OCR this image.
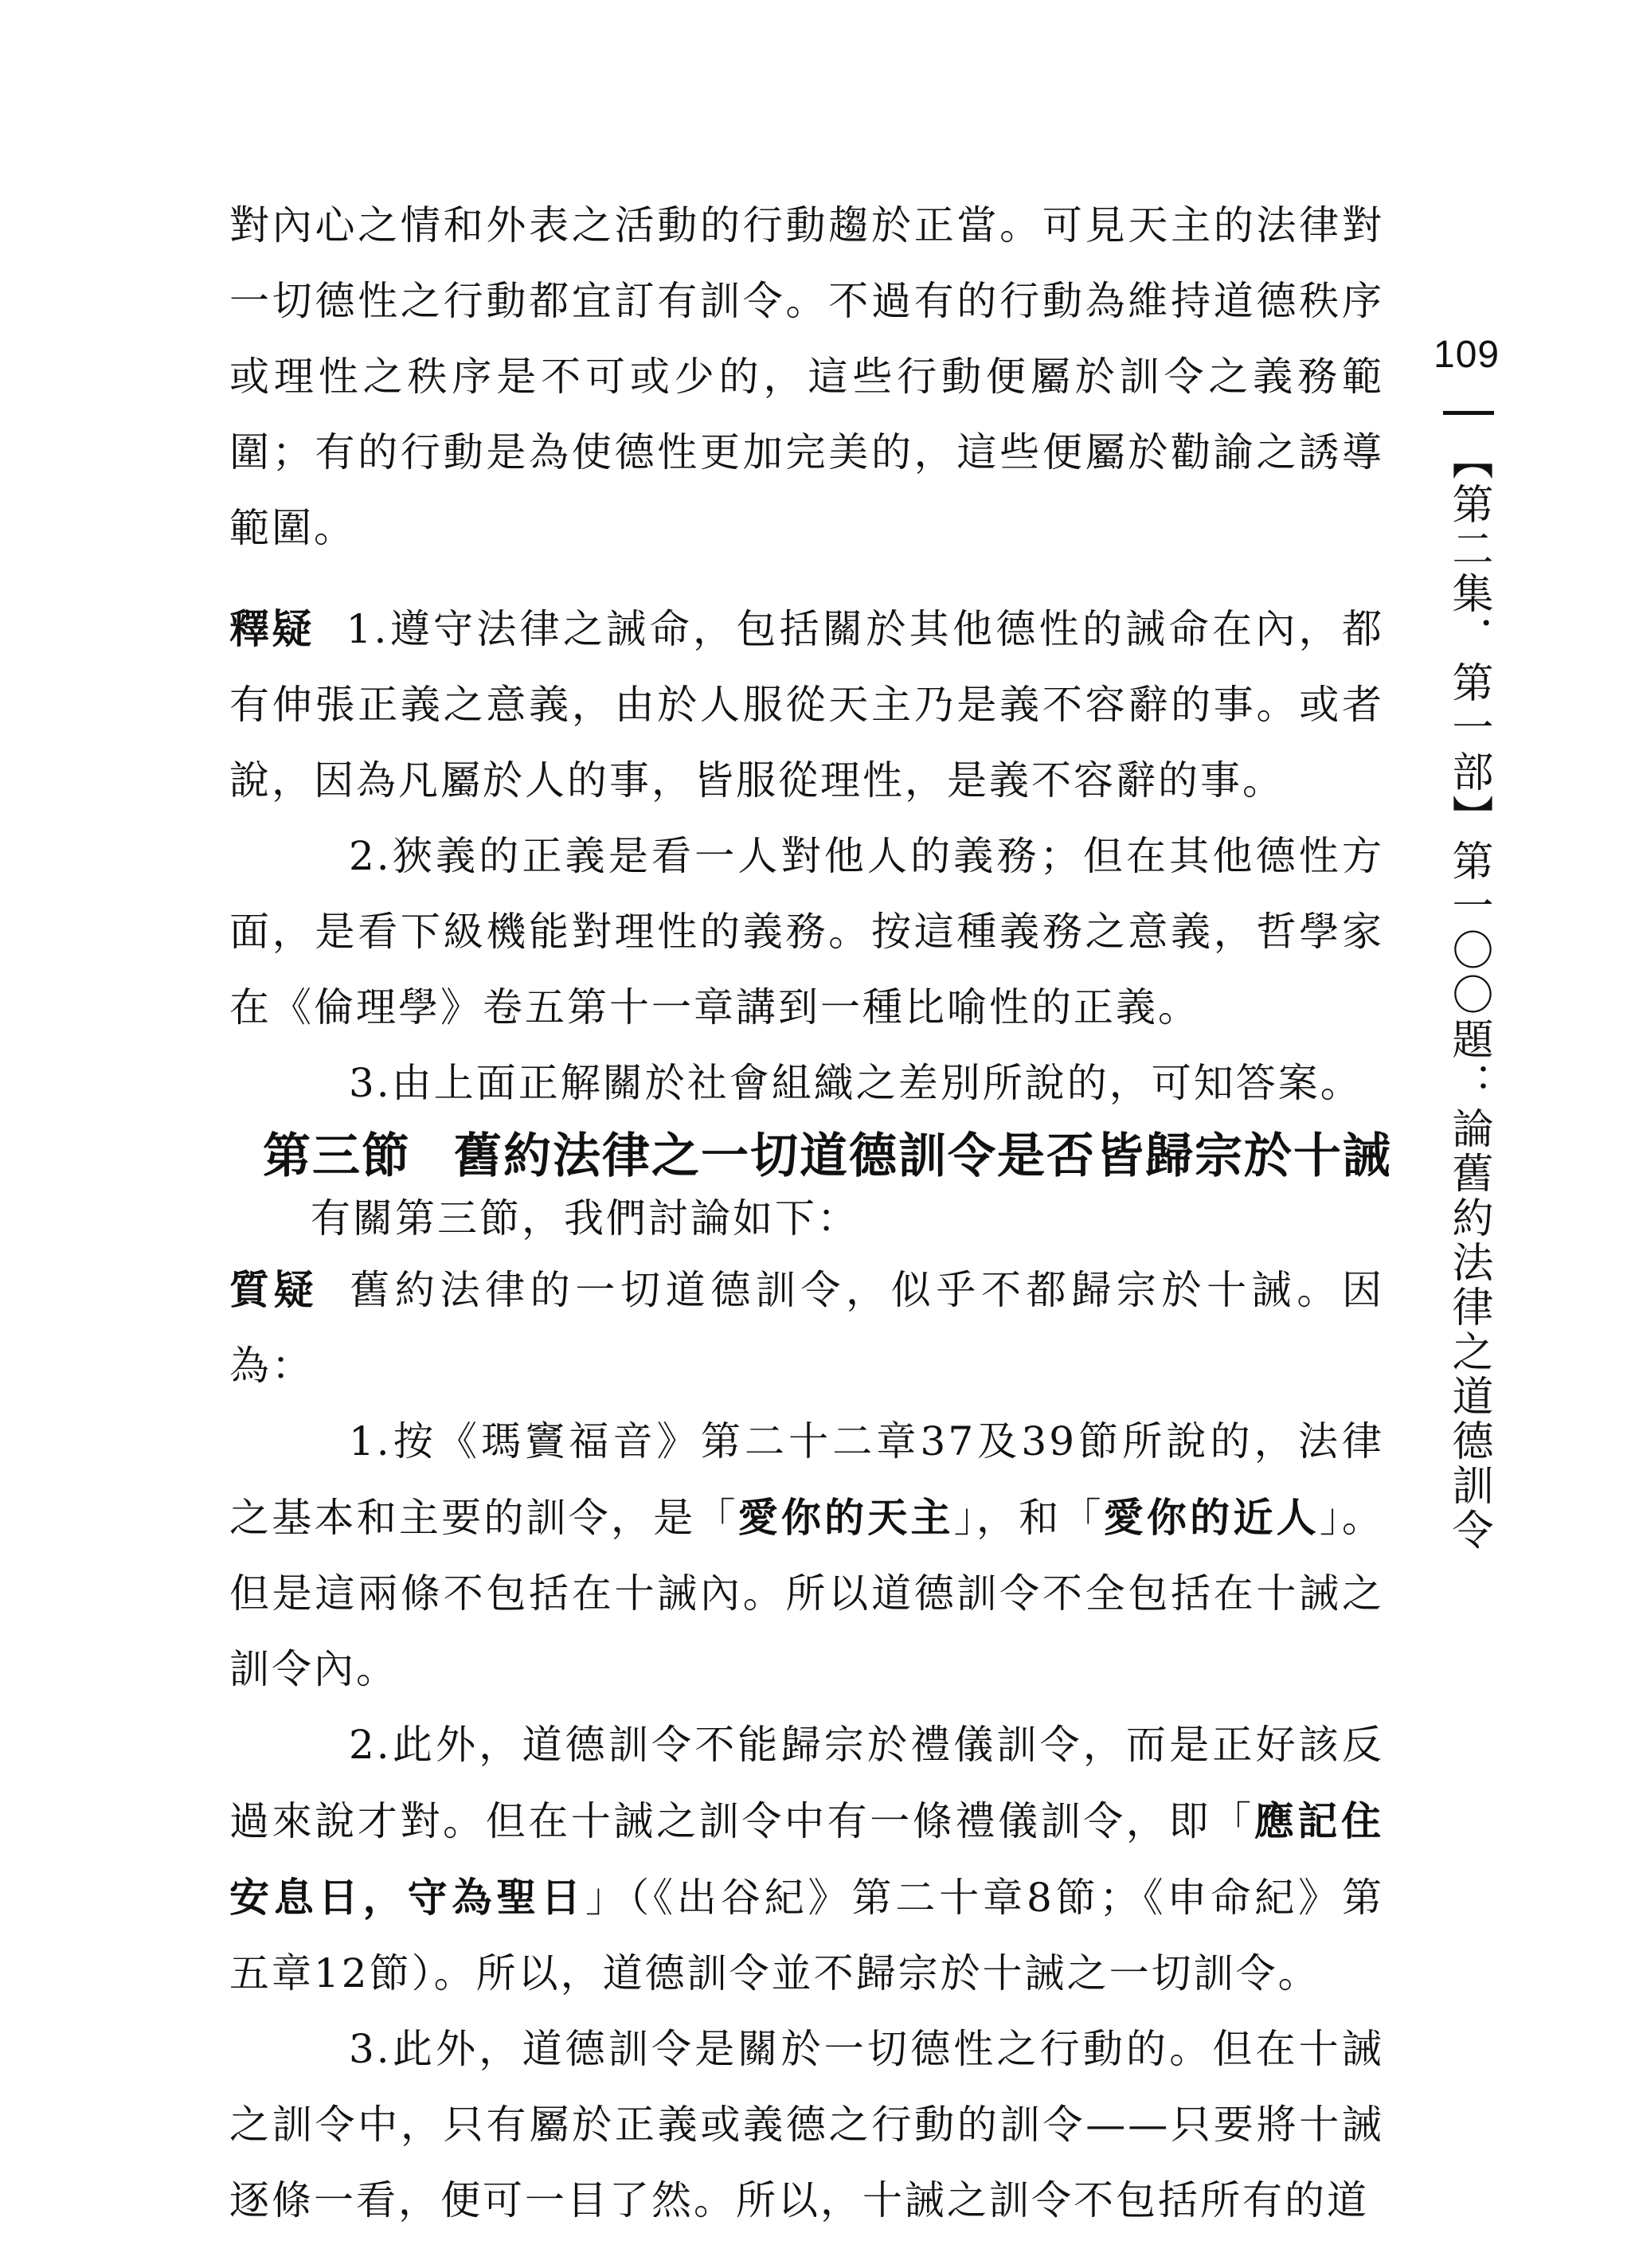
對內心之情和外表之活動的行動趨於正當。可見天主的法律對一切德性之行動都宜訂有訓令。不過有的行動為維持道德秩序或理性之秩序是不可或少的，這些行動便屬於訓令之義務範圍；有的行動是為使德性更加完美的，這些便屬於勸諭之誘導範圍。

釋疑 1.遵守法律之誡命，包括關於其他德性的誡命在內，都有伸張正義之意義，由於人服從天主乃是義不容辭的事。或者說，因為凡屬於人的事，皆服從理性，是義不容辭的事。

2.狹義的正義是看一人對他人的義務；但在其他德性方面，是看下級機能對理性的義務。按這種義務之意義，哲學家在《倫理學》卷五第十一章講到一種比喻性的正義。

3.由上面正解關於社會組織之差別所說的，可知答案。

第三節 舊約法律之一切道德訓令是否皆歸宗於十誡
有關第三節，我們討論如下：

質疑 舊約法律的一切道德訓令，似乎不都歸宗於十誡。因為：

1.按《瑪竇福音》第二十二章37及39節所說的，法律之基本和主要的訓令，是「愛你的天主」，和「愛你的近人」。但是這兩條不包括在十誡內。所以道德訓令不全包括在十誡之訓令內。

2.此外，道德訓令不能歸宗於禮儀訓令，而是正好該反過來說才對。但在十誡之訓令中有一條禮儀訓令，即「應記住安息日，守為聖日」（《出谷紀》第二十章8節；《申命紀》第五章12節）。所以，道德訓令並不歸宗於十誡之一切訓令。

3.此外，道德訓令是關於一切德性之行動的。但在十誡之訓令中，只有屬於正義或義德之行動的訓令——只要將十誡逐條一看，便可一目了然。所以，十誡之訓令不包括所有的道

109
【第二集．第一部】第一〇〇題：論舊約法律之道德訓令
